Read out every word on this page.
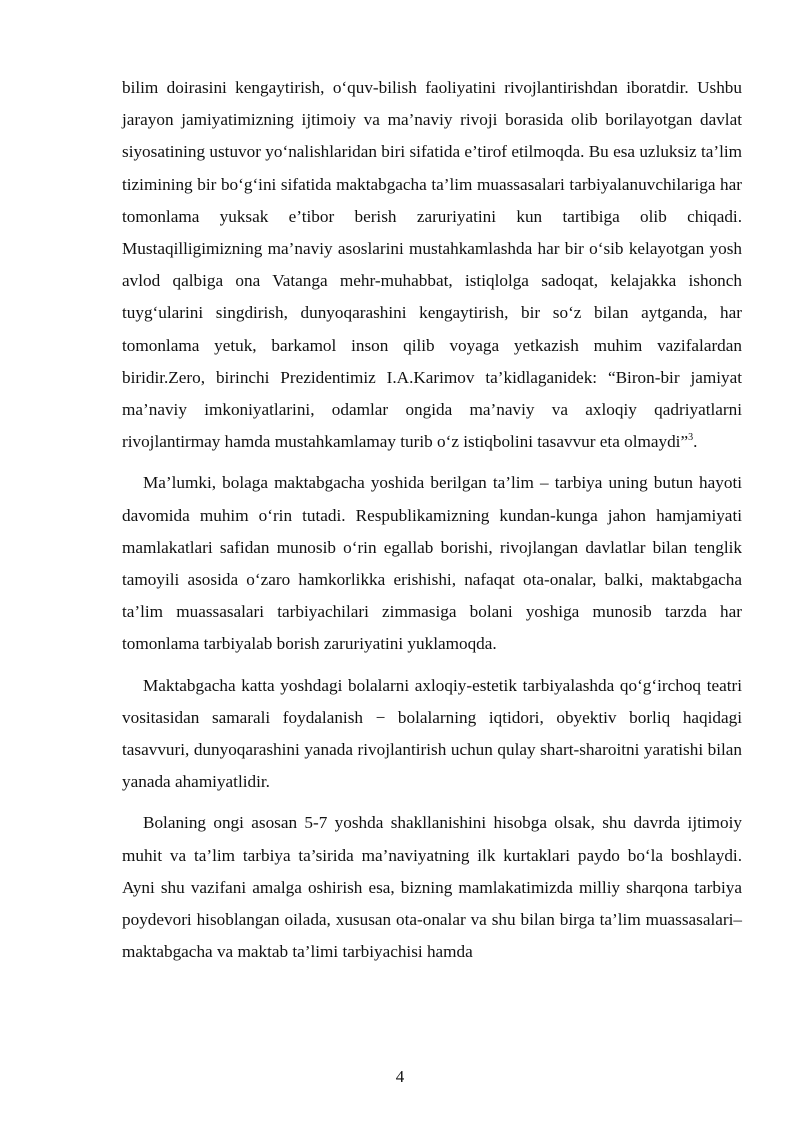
bilim doirasini kengaytirish, o‘quv-bilish faoliyatini rivojlantirishdan iboratdir. Ushbu jarayon jamiyatimizning ijtimoiy va ma’naviy rivoji borasida olib borilayotgan davlat siyosatining ustuvor yo‘nalishlaridan biri sifatida e’tirof etilmoqda. Bu esa uzluksiz ta’lim tizimining bir bo‘g‘ini sifatida maktabgacha ta’lim muassasalari tarbiyalanuvchilariga har tomonlama yuksak e’tibor berish zaruriyatini kun tartibiga olib chiqadi. Mustaqilligimizning ma’naviy asoslarini mustahkamlashda har bir o‘sib kelayotgan yosh avlod qalbiga ona Vatanga mehr-muhabbat, istiqlolga sadoqat, kelajakka ishonch tuyg‘ularini singdirish, dunyoqarashini kengaytirish, bir so‘z bilan aytganda, har tomonlama yetuk, barkamol inson qilib voyaga yetkazish muhim vazifalardan biridir.Zero, birinchi Prezidentimiz I.A.Karimov ta’kidlaganidek: “Biron-bir jamiyat ma’naviy imkoniyatlarini, odamlar ongida ma’naviy va axloqiy qadriyatlarni rivojlantirmay hamda mustahkamlamay turib o‘z istiqbolini tasavvur eta olmaydi”$^3$.

Ma’lumki, bolaga maktabgacha yoshida berilgan ta’lim – tarbiya uning butun hayoti davomida muhim o‘rin tutadi. Respublikamizning kundan-kunga jahon hamjamiyati mamlakatlari safidan munosib o‘rin egallab borishi, rivojlangan davlatlar bilan tenglik tamoyili asosida o‘zaro hamkorlikka erishishi, nafaqat ota-onalar, balki, maktabgacha ta’lim muassasalari tarbiyachilari zimmasiga bolani yoshiga munosib tarzda har tomonlama tarbiyalab borish zaruriyatini yuklamoqda.

Maktabgacha katta yoshdagi bolalarni axloqiy-estetik tarbiyalashda qo‘g‘irchoq teatri vositasidan samarali foydalanish − bolalarning iqtidori, obyektiv borliq haqidagi tasavvuri, dunyoqarashini yanada rivojlantirish uchun qulay shart-sharoitni yaratishi bilan yanada ahamiyatlidir.

Bolaning ongi asosan 5-7 yoshda shakllanishini hisobga olsak, shu davrda ijtimoiy muhit va ta’lim tarbiya ta’sirida ma’naviyatning ilk kurtaklari paydo bo‘la boshlaydi. Ayni shu vazifani amalga oshirish esa, bizning mamlakatimizda milliy sharqona tarbiya poydevori hisoblangan oilada, xususan ota-onalar va shu bilan birga ta’lim muassasalari– maktabgacha va maktab ta’limi tarbiyachisi hamda

4
